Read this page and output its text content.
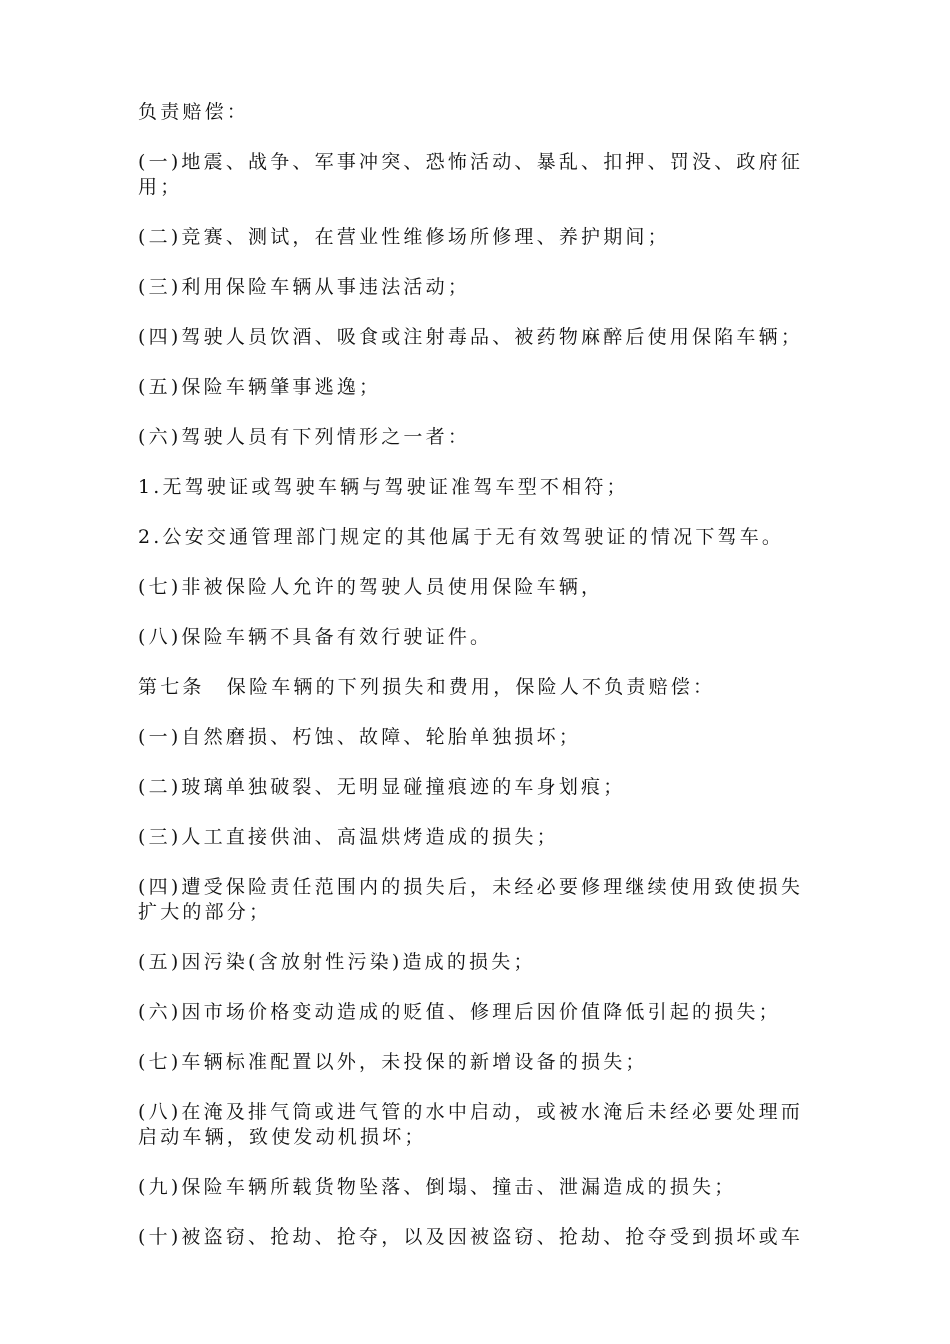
负责赔偿：

(一)地震、战争、军事冲突、恐怖活动、暴乱、扣押、罚没、政府征用；

(二)竞赛、测试，在营业性维修场所修理、养护期间；

(三)利用保险车辆从事违法活动；

(四)驾驶人员饮酒、吸食或注射毒品、被药物麻醉后使用保陷车辆；

(五)保险车辆肇事逃逸；

(六)驾驶人员有下列情形之一者：

1.无驾驶证或驾驶车辆与驾驶证准驾车型不相符；

2.公安交通管理部门规定的其他属于无有效驾驶证的情况下驾车。

(七)非被保险人允许的驾驶人员使用保险车辆，

(八)保险车辆不具备有效行驶证件。

第七条　保险车辆的下列损失和费用，保险人不负责赔偿：

(一)自然磨损、朽蚀、故障、轮胎单独损坏；

(二)玻璃单独破裂、无明显碰撞痕迹的车身划痕；

(三)人工直接供油、高温烘烤造成的损失；

(四)遭受保险责任范围内的损失后，未经必要修理继续使用致使损失扩大的部分；

(五)因污染(含放射性污染)造成的损失；

(六)因市场价格变动造成的贬值、修理后因价值降低引起的损失；

(七)车辆标准配置以外，未投保的新增设备的损失；

(八)在淹及排气筒或进气管的水中启动，或被水淹后未经必要处理而启动车辆，致使发动机损坏；

(九)保险车辆所载货物坠落、倒塌、撞击、泄漏造成的损失；

(十)被盗窃、抢劫、抢夺，以及因被盗窃、抢劫、抢夺受到损坏或车
